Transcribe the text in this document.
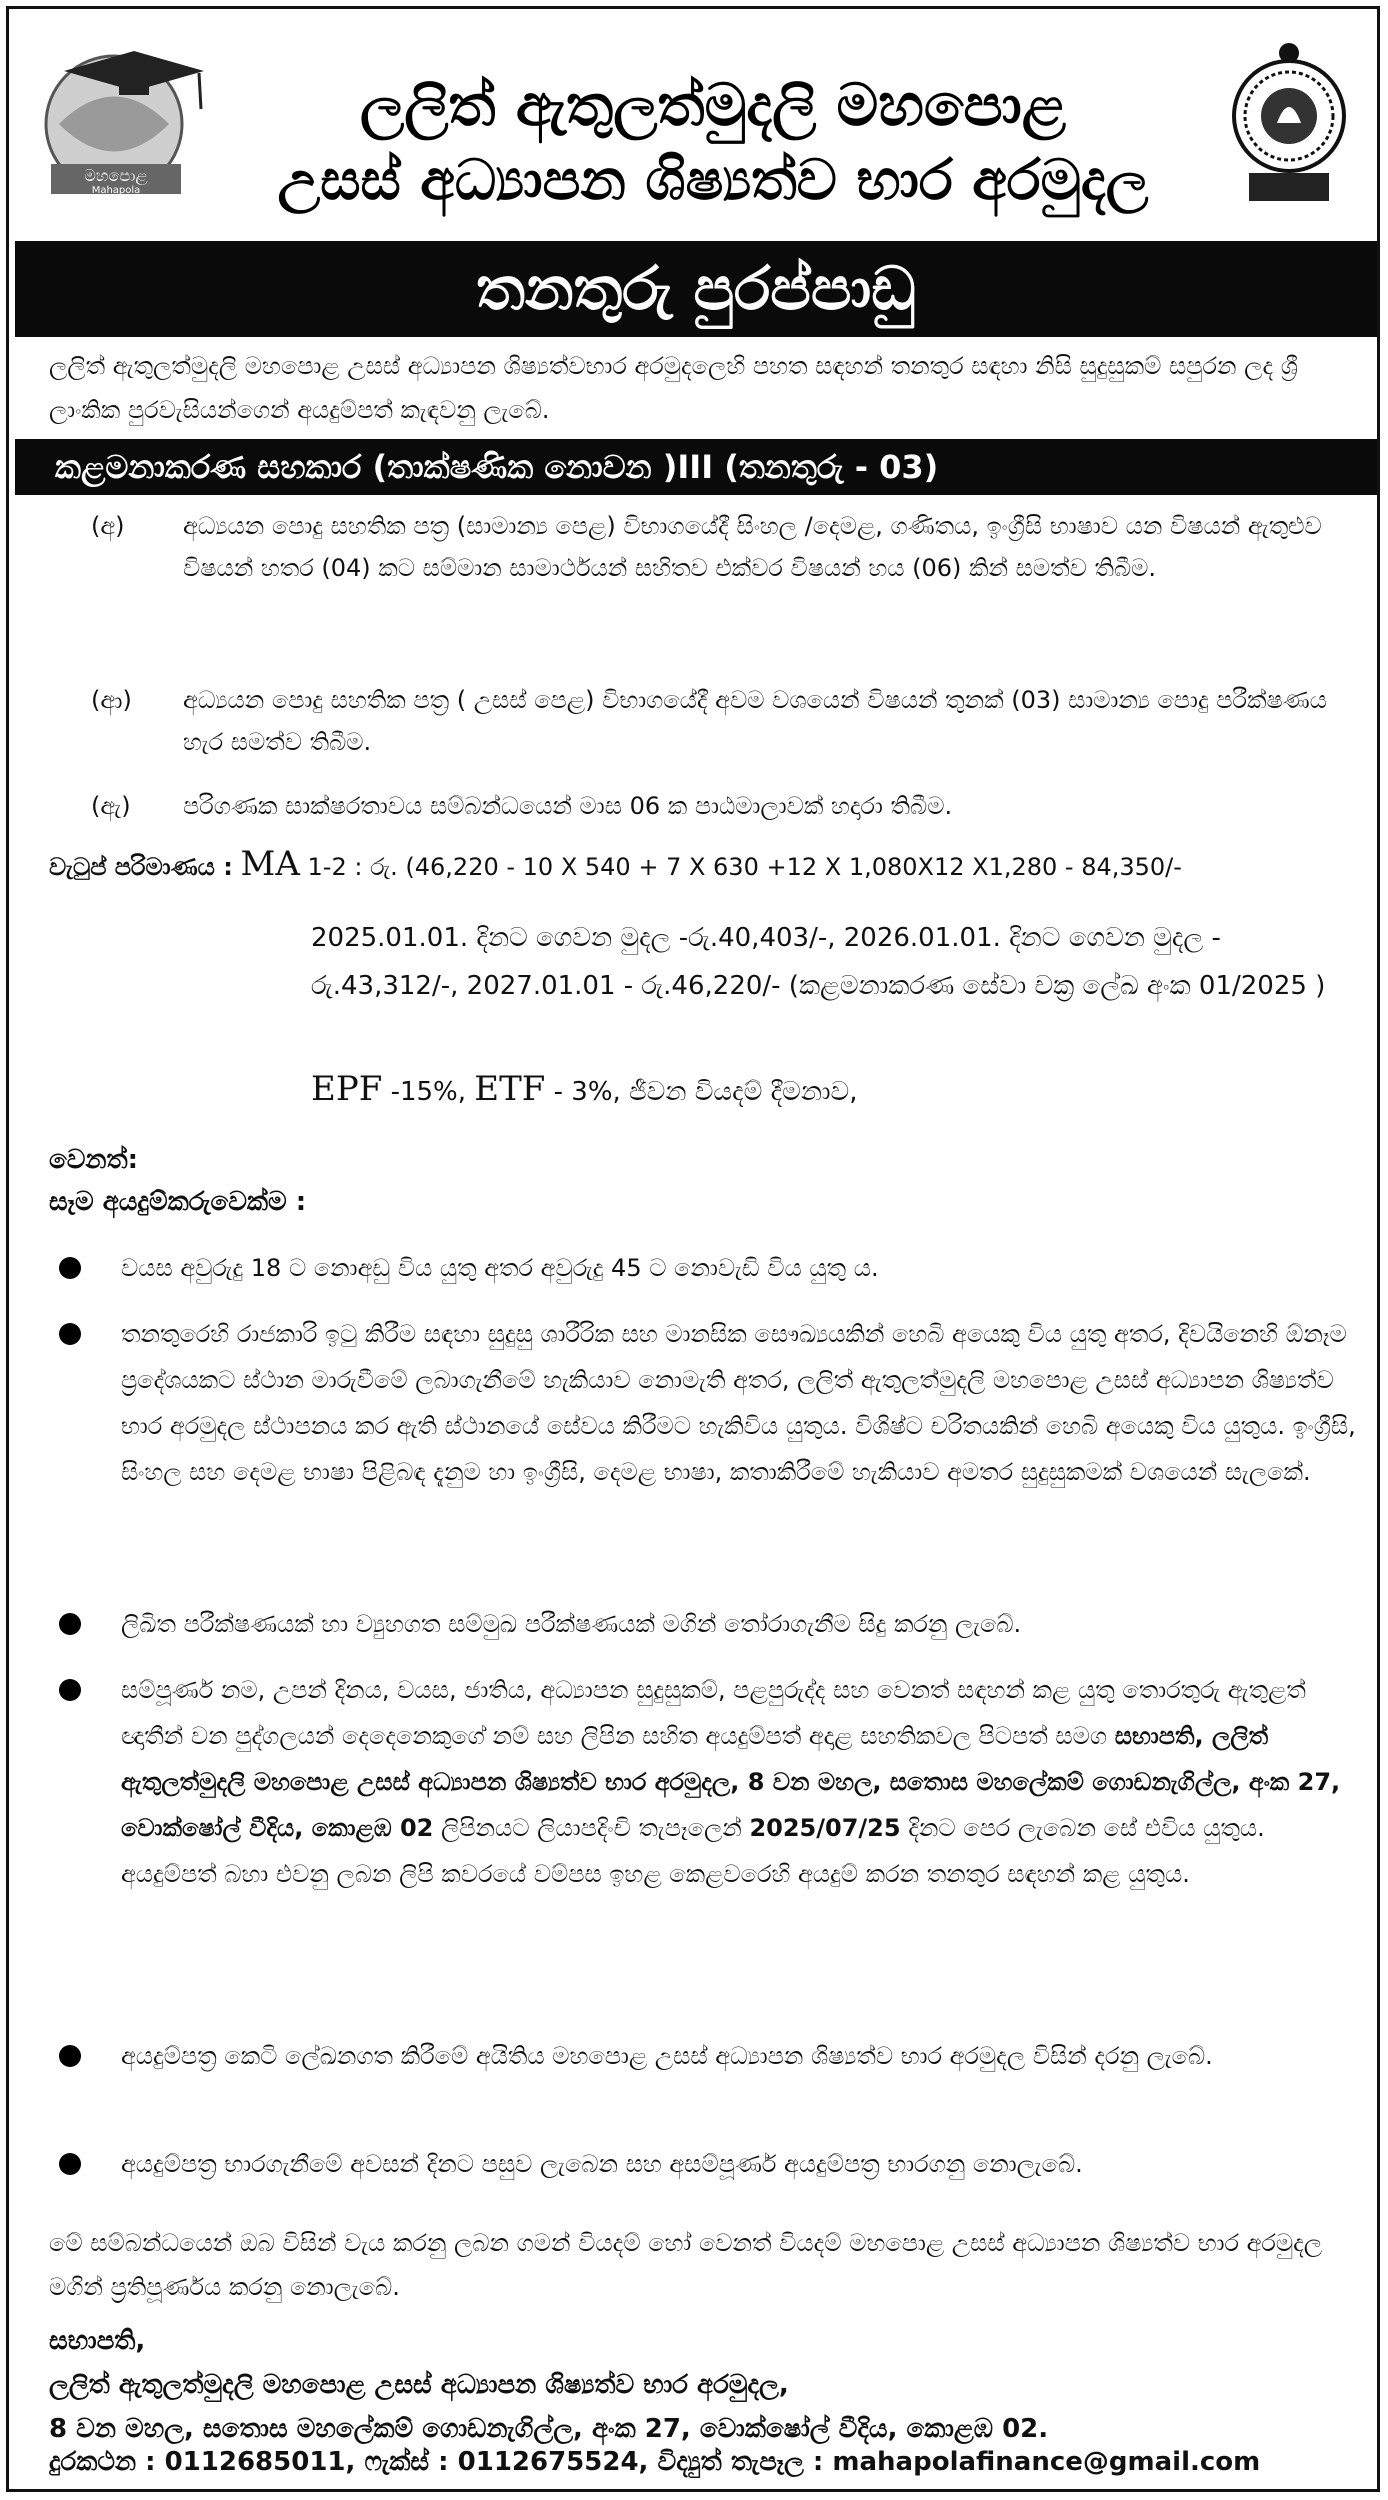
මහපොළ
Mahapola
ලලිත් ඇතුලත්මුදලි මහපොළ
උසස් අධ්‍යාපන ශිෂ්‍යත්ව භාර අරමුදල
තනතුරු පුරප්පාඩු
ලලිත් ඇතුලත්මුදලි මහපොළ උසස් අධ්‍යාපන ශිෂ්‍යත්වභාර අරමුදලෙහි පහත සඳහන් තනතුර සඳහා නිසි සුදුසුකම් සපුරන ලද ශ්‍රී ලාංකික පුරවැසියන්ගෙන් අයදුම්පත් කැඳවනු ලැබේ.
කළමනාකරණ සහකාර (තාක්ෂණික නොවන )III (තනතුරු - 03)
(අ)	අධ්‍යයන පොදු සහතික පත්‍ර (සාමාන්‍ය පෙළ) විභාගයේදී සිංහල /දෙමළ, ගණිතය, ඉංග්‍රීසි භාෂාව යන විෂයන් ඇතුළුව විෂයන් හතර (04) කට සම්මාන සාමාර්ථයන් සහිතව එක්වර විෂයන් හය (06) කින් සමත්ව තිබීම.
(ආ)	අධ්‍යයන පොදු සහතික පත්‍ර ( උසස් පෙළ) විභාගයේදී අවම වශයෙන් විෂයන් තුනක් (03) සාමාන්‍ය පොදු පරීක්ෂණය හැර සමත්ව තිබීම.
(ඇ)	පරිගණක සාක්ෂරතාවය සම්බන්ධයෙන් මාස 06 ක පාඨමාලාවක් හදාරා තිබීම.
වැටුප් පරිමාණය : MA 1-2 : රු. (46,220 - 10 X 540 + 7 X 630 +12 X 1,080X12 X1,280 - 84,350/-
2025.01.01. දිනට ගෙවන මුදල -රු.40,403/-, 2026.01.01. දිනට ගෙවන මුදල - රු.43,312/-, 2027.01.01 - රු.46,220/- (කළමනාකරණ සේවා චක්‍ර ලේඛ අංක 01/2025 )
EPF -15%, ETF - 3%, ජීවන වියදම් දීමනාව,
වෙනත්:
සෑම අයදුම්කරුවෙක්ම :
වයස අවුරුදු 18 ට නොඅඩු විය යුතු අතර අවුරුදු 45 ට නොවැඩි විය යුතු ය.
තනතුරෙහි රාජකාරි ඉටු කිරීම සඳහා සුදුසු ශාරීරික සහ මානසික සෞඛ්‍යයකින් හෙබි අයෙකු විය යුතු අතර, දිවයිනෙහි ඕනෑම ප්‍රදේශයකට ස්ථාන මාරුවීමේ ලබාගැනීමේ හැකියාව නොමැති අතර, ලලිත් ඇතුලත්මුදලි මහපොළ උසස් අධ්‍යාපන ශිෂ්‍යත්ව භාර අරමුදල ස්ථාපනය කර ඇති ස්ථානයේ සේවය කිරීමට හැකිවිය යුතුය. විශිෂ්ට චරිතයකින් හෙබි අයෙකු විය යුතුය. ඉංග්‍රීසි, සිංහල සහ දෙමළ භාෂා පිළිබඳ දැනුම හා ඉංග්‍රීසි, දෙමළ භාෂා, කතාකිරීමේ හැකියාව අමතර සුදුසුකමක් වශයෙන් සැලකේ.
ලිඛිත පරීක්ෂණයක් හා ව්‍යුහගත සම්මුඛ පරීක්ෂණයක් මගින් තෝරාගැනීම සිදු කරනු ලැබේ.
සම්පූර්ණ නම, උපන් දිනය, වයස, ජාතිය, අධ්‍යාපන සුදුසුකම්, පළපුරුද්ද සහ වෙනත් සඳහන් කළ යුතු තොරතුරු ඇතුළත් ඥාතීන් වන පුද්ගලයන් දෙදෙනෙකුගේ නම් සහ ලිපින සහිත අයදුම්පත් අදාළ සහතිකවල පිටපත් සමග සභාපති, ලලිත් ඇතුලත්මුදලි මහපොළ උසස් අධ්‍යාපන ශිෂ්‍යත්ව භාර අරමුදල, 8 වන මහල, සතොස මහලේකම් ගොඩනැගිල්ල, අංක 27, වොක්ෂෝල් වීදිය, කොළඹ 02 ලිපිනයට ලියාපදිංචි තැපෑලෙන් 2025/07/25 දිනට පෙර ලැබෙන සේ එවිය යුතුය. අයදුම්පත් බහා එවනු ලබන ලිපි කවරයේ වම්පස ඉහළ කෙළවරෙහි අයදුම් කරන තනතුර සඳහන් කළ යුතුය.
අයදුම්පත්‍ර කෙටි ලේඛනගත කිරීමේ අයිතිය මහපොළ උසස් අධ්‍යාපන ශිෂ්‍යත්ව භාර අරමුදල විසින් දරනු ලැබේ.
අයදුම්පත්‍ර භාරගැනීමේ අවසන් දිනට පසුව ලැබෙන සහ අසම්පූර්ණ අයදුම්පත්‍ර භාරගනු නොලැබේ.
මේ සම්බන්ධයෙන් ඔබ විසින් වැය කරනු ලබන ගමන් වියදම් හෝ වෙනත් වියදම් මහපොළ උසස් අධ්‍යාපන ශිෂ්‍යත්ව භාර අරමුදල මගින් ප්‍රතිපූර්ණය කරනු නොලැබේ.
සභාපති,
ලලිත් ඇතුලත්මුදලි මහපොළ උසස් අධ්‍යාපන ශිෂ්‍යත්ව භාර අරමුදල,
8 වන මහල, සතොස මහලේකම් ගොඩනැගිල්ල, අංක 27, වොක්ෂෝල් වීදිය, කොළඹ 02.
දුරකථන : 0112685011, ෆැක්ස් : 0112675524, විද්‍යුත් තැපෑල : mahapolafinance@gmail.com
